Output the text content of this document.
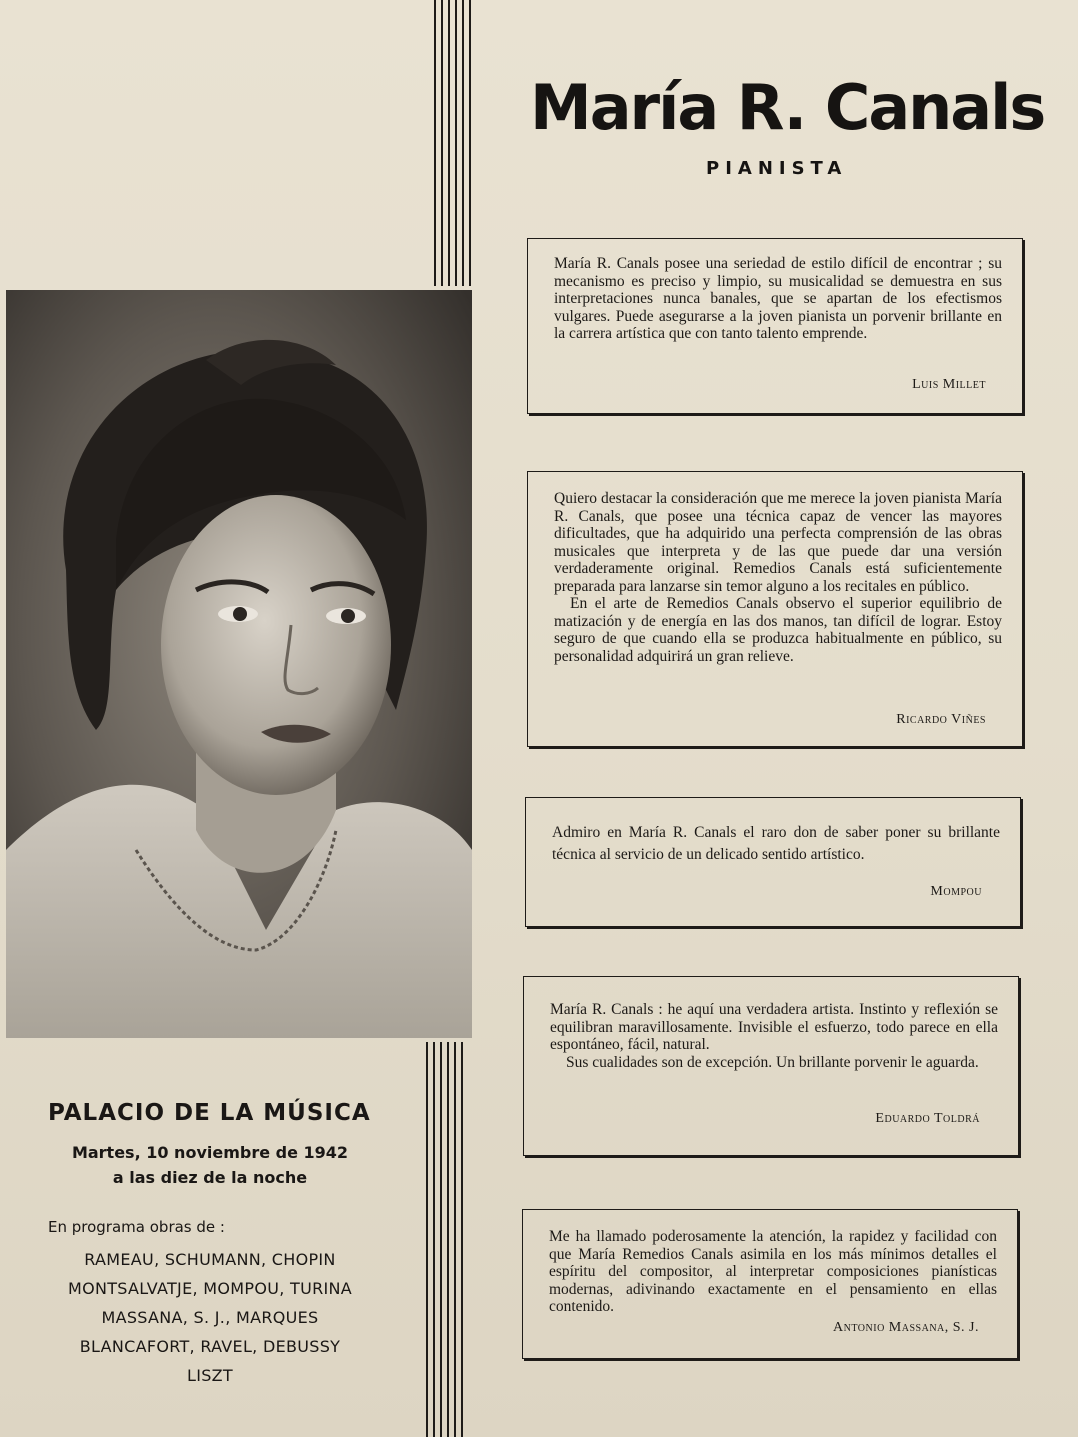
María R. Canals
PIANISTA

María R. Canals posee una seriedad de estilo difícil de encontrar ; su mecanismo es preciso y limpio, su musicalidad se demuestra en sus interpretaciones nunca banales, que se apartan de los efectismos vulgares. Puede asegurarse a la joven pianista un porvenir brillante en la carrera artística que con tanto talento emprende.

Luis Millet

Quiero destacar la consideración que me merece la joven pianista María R. Canals, que posee una técnica capaz de vencer las mayores dificultades, que ha adquirido una perfecta comprensión de las obras musicales que interpreta y de las que puede dar una versión verdaderamente original. Remedios Canals está suficientemente preparada para lanzarse sin temor alguno a los recitales en público.

En el arte de Remedios Canals observo el superior equilibrio de matización y de energía en las dos manos, tan difícil de lograr. Estoy seguro de que cuando ella se produzca habitualmente en público, su personalidad adquirirá un gran relieve.

Ricardo Viñes

Admiro en María R. Canals el raro don de saber poner su brillante técnica al servicio de un delicado sentido artístico.

Mompou

María R. Canals : he aquí una verdadera artista. Instinto y reflexión se equilibran maravillosamente. Invisible el esfuerzo, todo parece en ella espontáneo, fácil, natural.

Sus cualidades son de excepción. Un brillante porvenir le aguarda.

Eduardo Toldrá

Me ha llamado poderosamente la atención, la rapidez y facilidad con que María Remedios Canals asimila en los más mínimos detalles el espíritu del compositor, al interpretar composiciones pianísticas modernas, adivinando exactamente en el pensamiento en ellas contenido.

Antonio Massana, S. J.
PALACIO DE LA MÚSICA
Martes, 10 noviembre de 1942
a las diez de la noche
En programa obras de :
RAMEAU, SCHUMANN, CHOPIN
MONTSALVATJE, MOMPOU, TURINA
MASSANA, S. J., MARQUES
BLANCAFORT, RAVEL, DEBUSSY
LISZT
